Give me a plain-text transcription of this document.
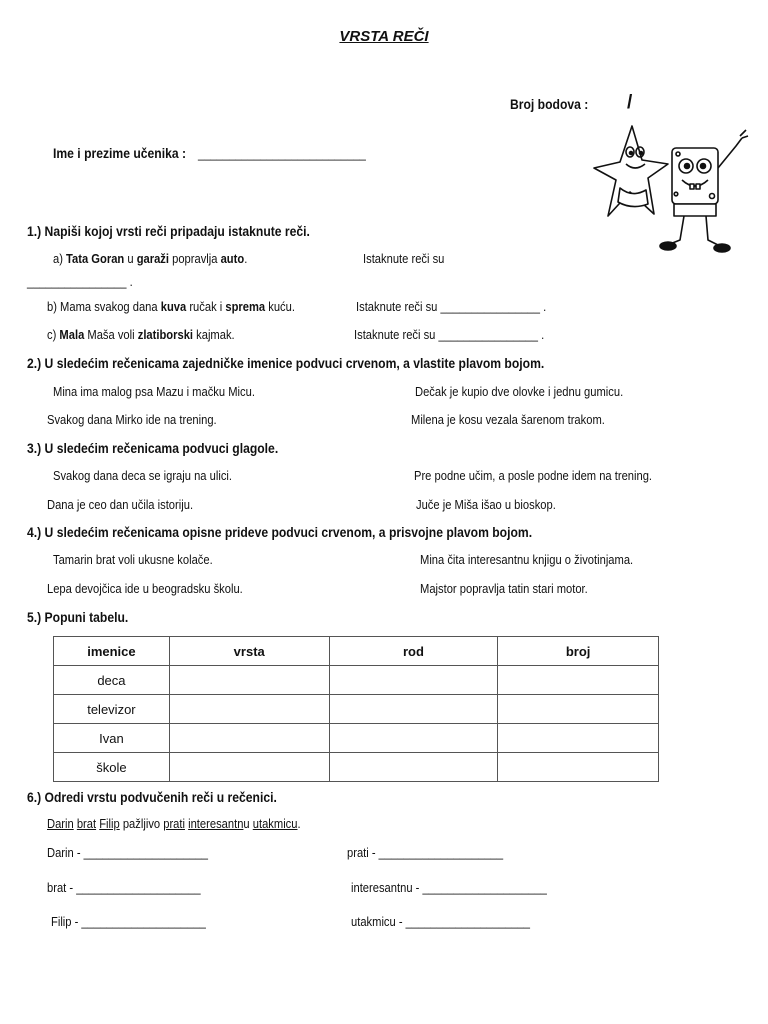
VRSTA REČI
Broj bodova : /
Ime i prezime učenika : ___________________________
1.) Napiši kojoj vrsti reči pripadaju istaknute reči.
a) Tata Goran u garaži popravlja auto.	Istaknute reči su
________________ .
b) Mama svakog dana kuva ručak i sprema kuću.	Istaknute reči su ________________ .
c) Mala Maša voli zlatiborski kajmak.	Istaknute reči su ________________ .
2.) U sledećim rečenicama zajedničke imenice podvuci crvenom, a vlastite plavom bojom.
Mina ima malog psa Mazu i mačku Micu.	Dečak je kupio dve olovke i jednu gumicu.
Svakog dana Mirko ide na trening.	Milena je kosu vezala šarenom trakom.
3.) U sledećim rečenicama podvuci glagole.
Svakog dana deca se igraju na ulici.	Pre podne učim, a posle podne idem na trening.
Dana je ceo dan učila istoriju.	Juče je Miša išao u bioskop.
4.) U sledećim rečenicama opisne prideve podvuci crvenom, a prisvojne plavom bojom.
Tamarin brat voli ukusne kolače.	Mina čita interesantnu knjigu o životinjama.
Lepa devojčica ide u beogradsku školu.	Majstor popravlja tatin stari motor.
5.) Popuni tabelu.
imenice	vrsta	rod	broj
deca			
televizor			
Ivan			
škole			
6.) Odredi vrstu podvučenih reči u rečenici.
Darin brat Filip pažljivo prati interesantnu utakmicu.
Darin - ____________________	prati - ____________________
brat - ____________________	interesantnu - ____________________
Filip - ____________________	utakmicu - ____________________
